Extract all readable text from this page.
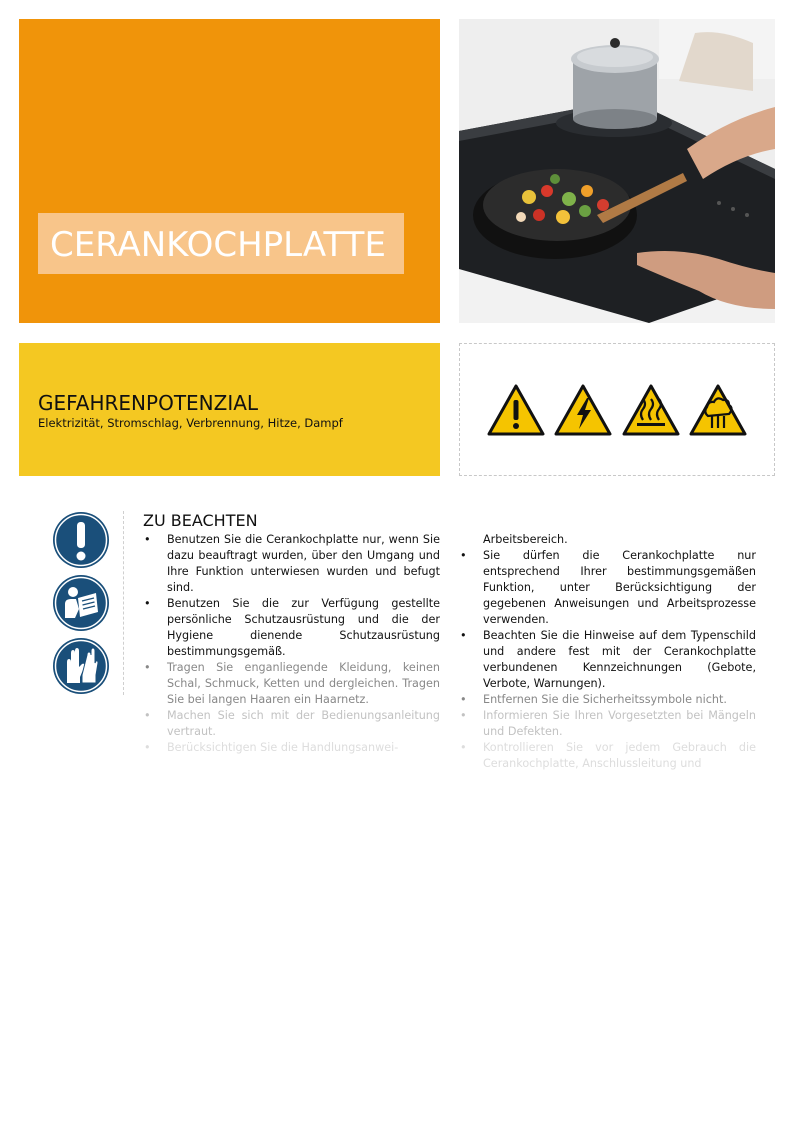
CERANKOCHPLATTE
GEFAHRENPOTENZIAL
Elektrizität, Stromschlag, Verbrennung, Hitze, Dampf
ZU BEACHTEN
• Benutzen Sie die Cerankochplatte nur, wenn Sie dazu beauftragt wurden, über den Umgang und Ihre Funktion unterwiesen wurden und befugt sind.
• Benutzen Sie die zur Verfügung gestellte persönliche Schutzausrüstung und die der Hygiene dienende Schutzausrüstung bestimmungsgemäß.
• Tragen Sie enganliegende Kleidung, keinen Schal, Schmuck, Ketten und dergleichen. Tragen Sie bei langen Haaren ein Haarnetz.
• Machen Sie sich mit der Bedienungsanleitung vertraut.
• Berücksichtigen Sie die Handlungsanwei-
Arbeitsbereich.
• Sie dürfen die Cerankochplatte nur entsprechend Ihrer bestimmungsgemäßen Funktion, unter Berücksichtigung der gegebenen Anweisungen und Arbeitsprozesse verwenden.
• Beachten Sie die Hinweise auf dem Typenschild und andere fest mit der Cerankochplatte verbundenen Kennzeichnungen (Gebote, Verbote, Warnungen).
• Entfernen Sie die Sicherheitssymbole nicht.
• Informieren Sie Ihren Vorgesetzten bei Mängeln und Defekten.
• Kontrollieren Sie vor jedem Gebrauch die Cerankochplatte, Anschlussleitung und
